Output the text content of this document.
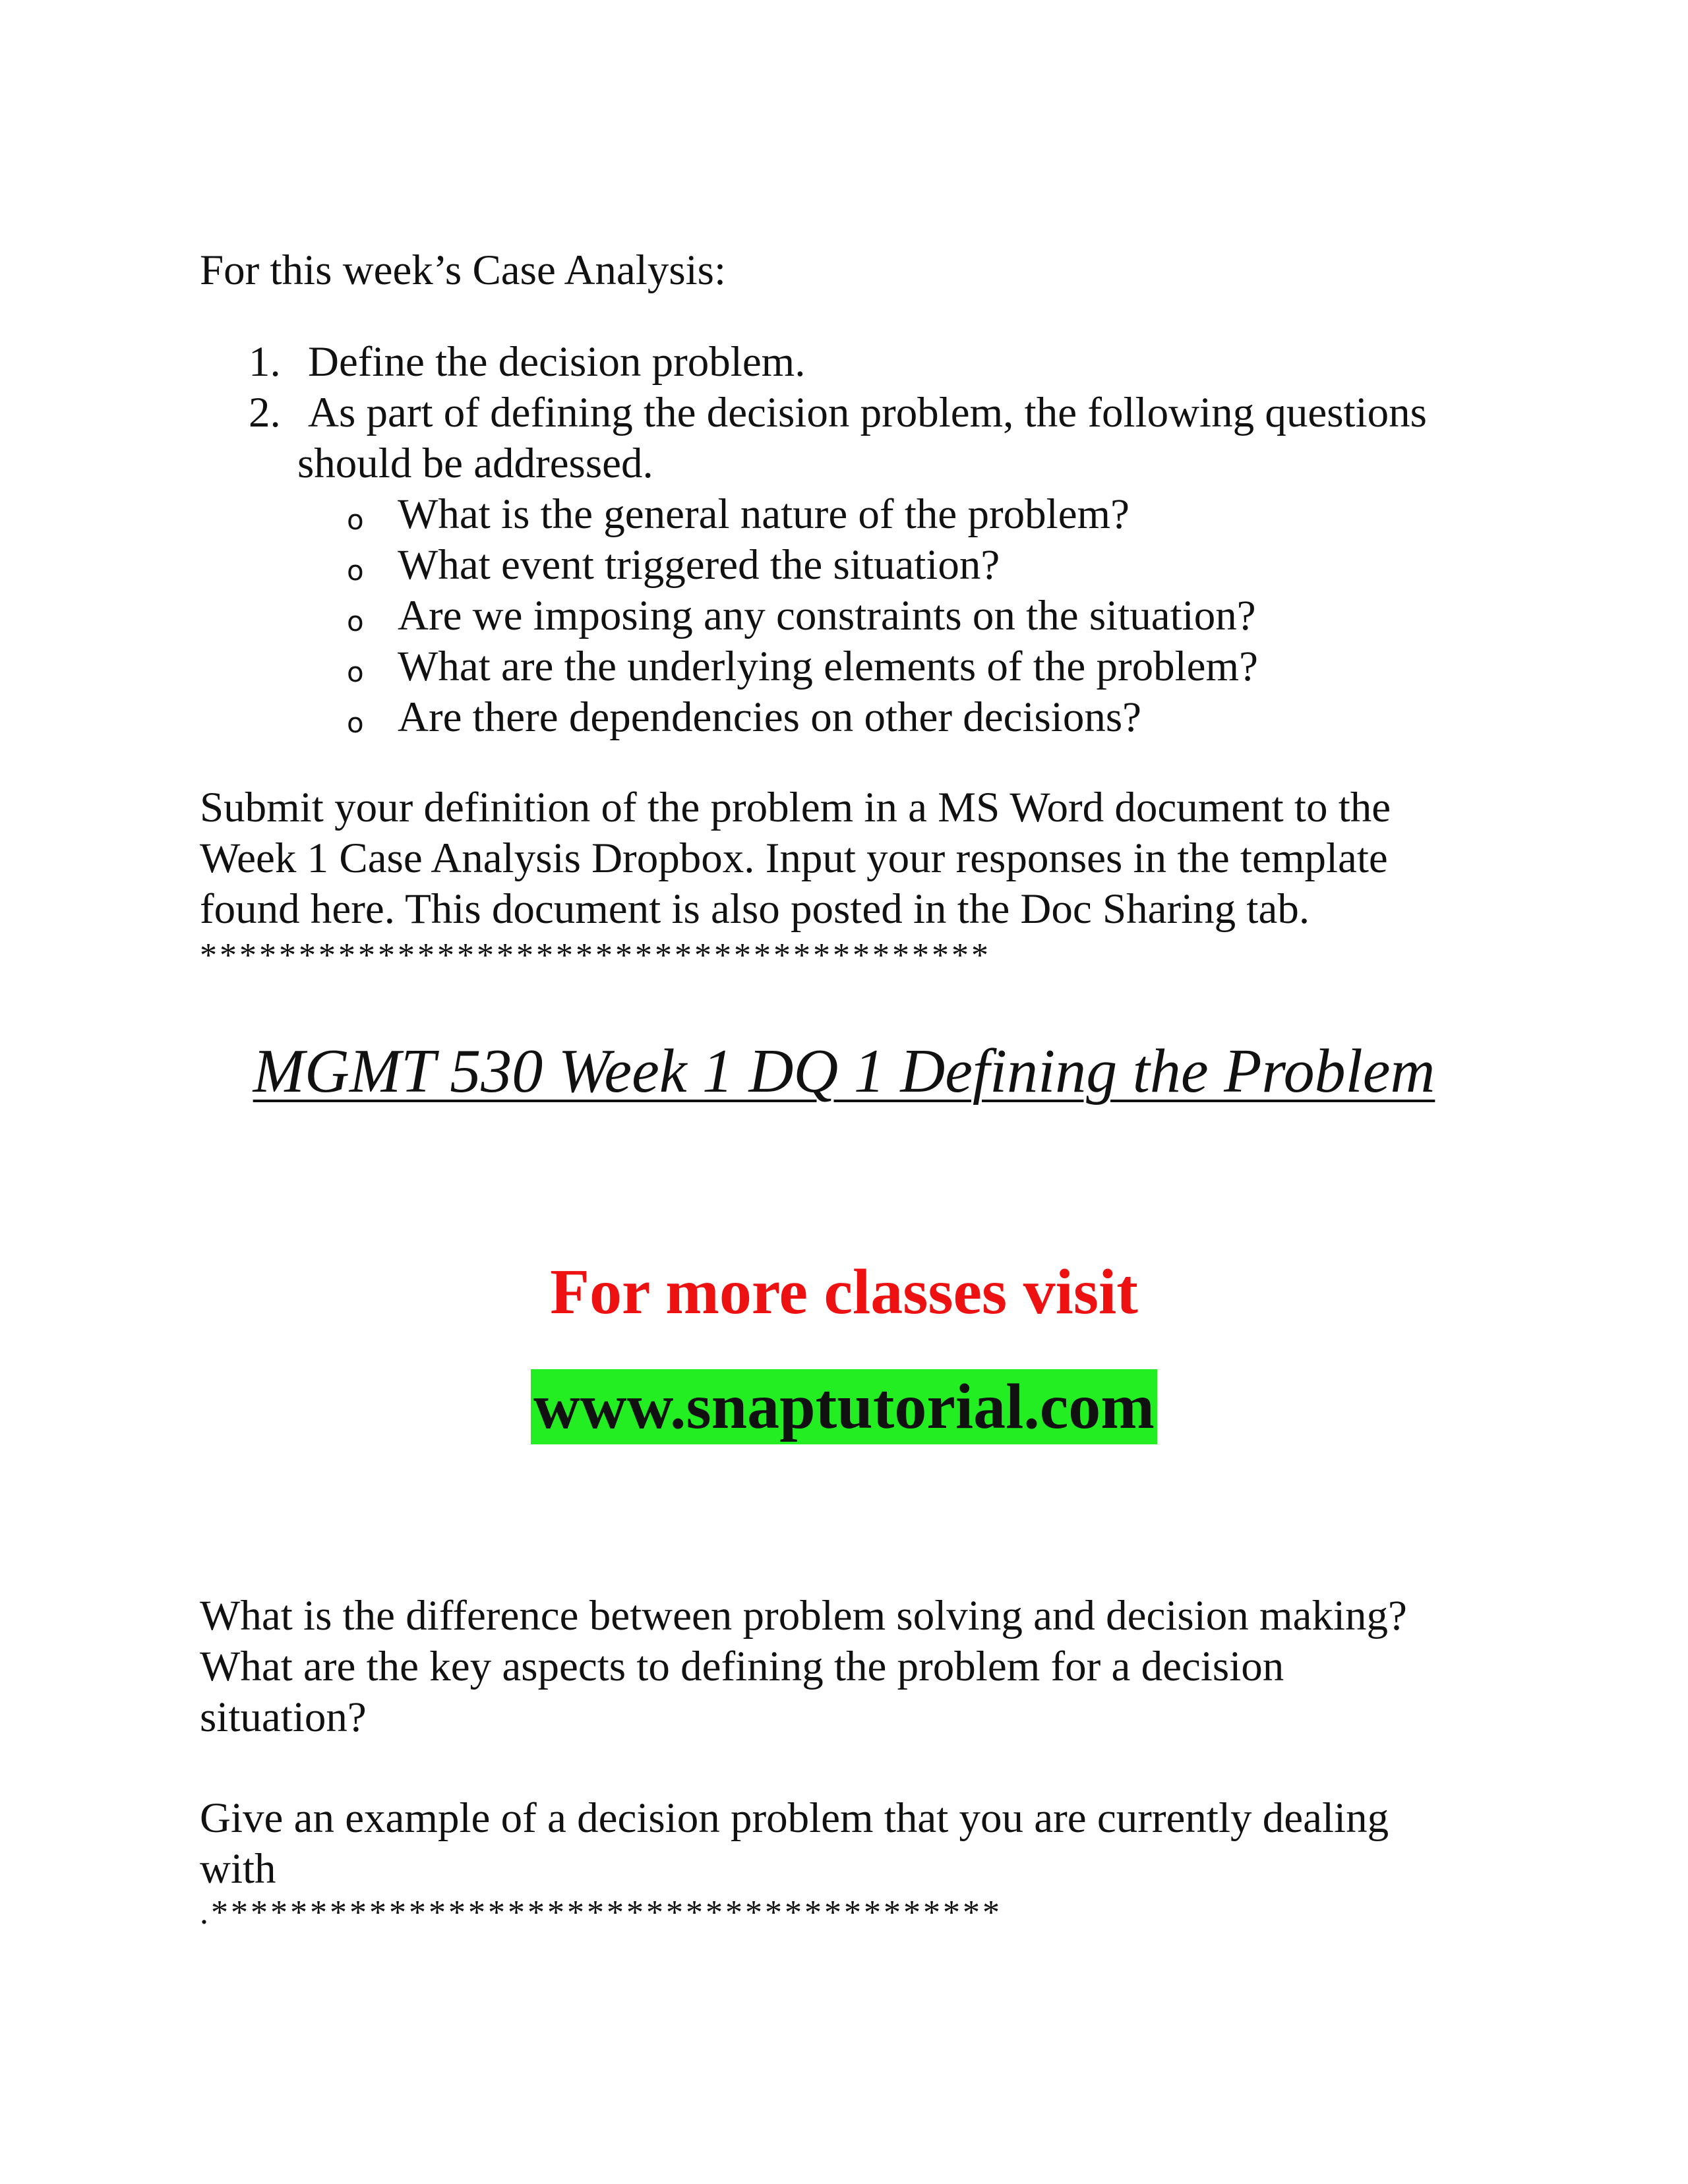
For this week’s Case Analysis:

1. Define the decision problem.
2. As part of defining the decision problem, the following questions
should be addressed.
o What is the general nature of the problem?
o What event triggered the situation?
o Are we imposing any constraints on the situation?
o What are the underlying elements of the problem?
o Are there dependencies on other decisions?
Submit your definition of the problem in a MS Word document to the
Week 1 Case Analysis Dropbox. Input your responses in the template
found here. This document is also posted in the Doc Sharing tab.
****************************************
MGMT 530 Week 1 DQ 1 Defining the Problem
For more classes visit
www.snaptutorial.com
What is the difference between problem solving and decision making?
What are the key aspects to defining the problem for a decision
situation?
Give an example of a decision problem that you are currently dealing
with
.****************************************
